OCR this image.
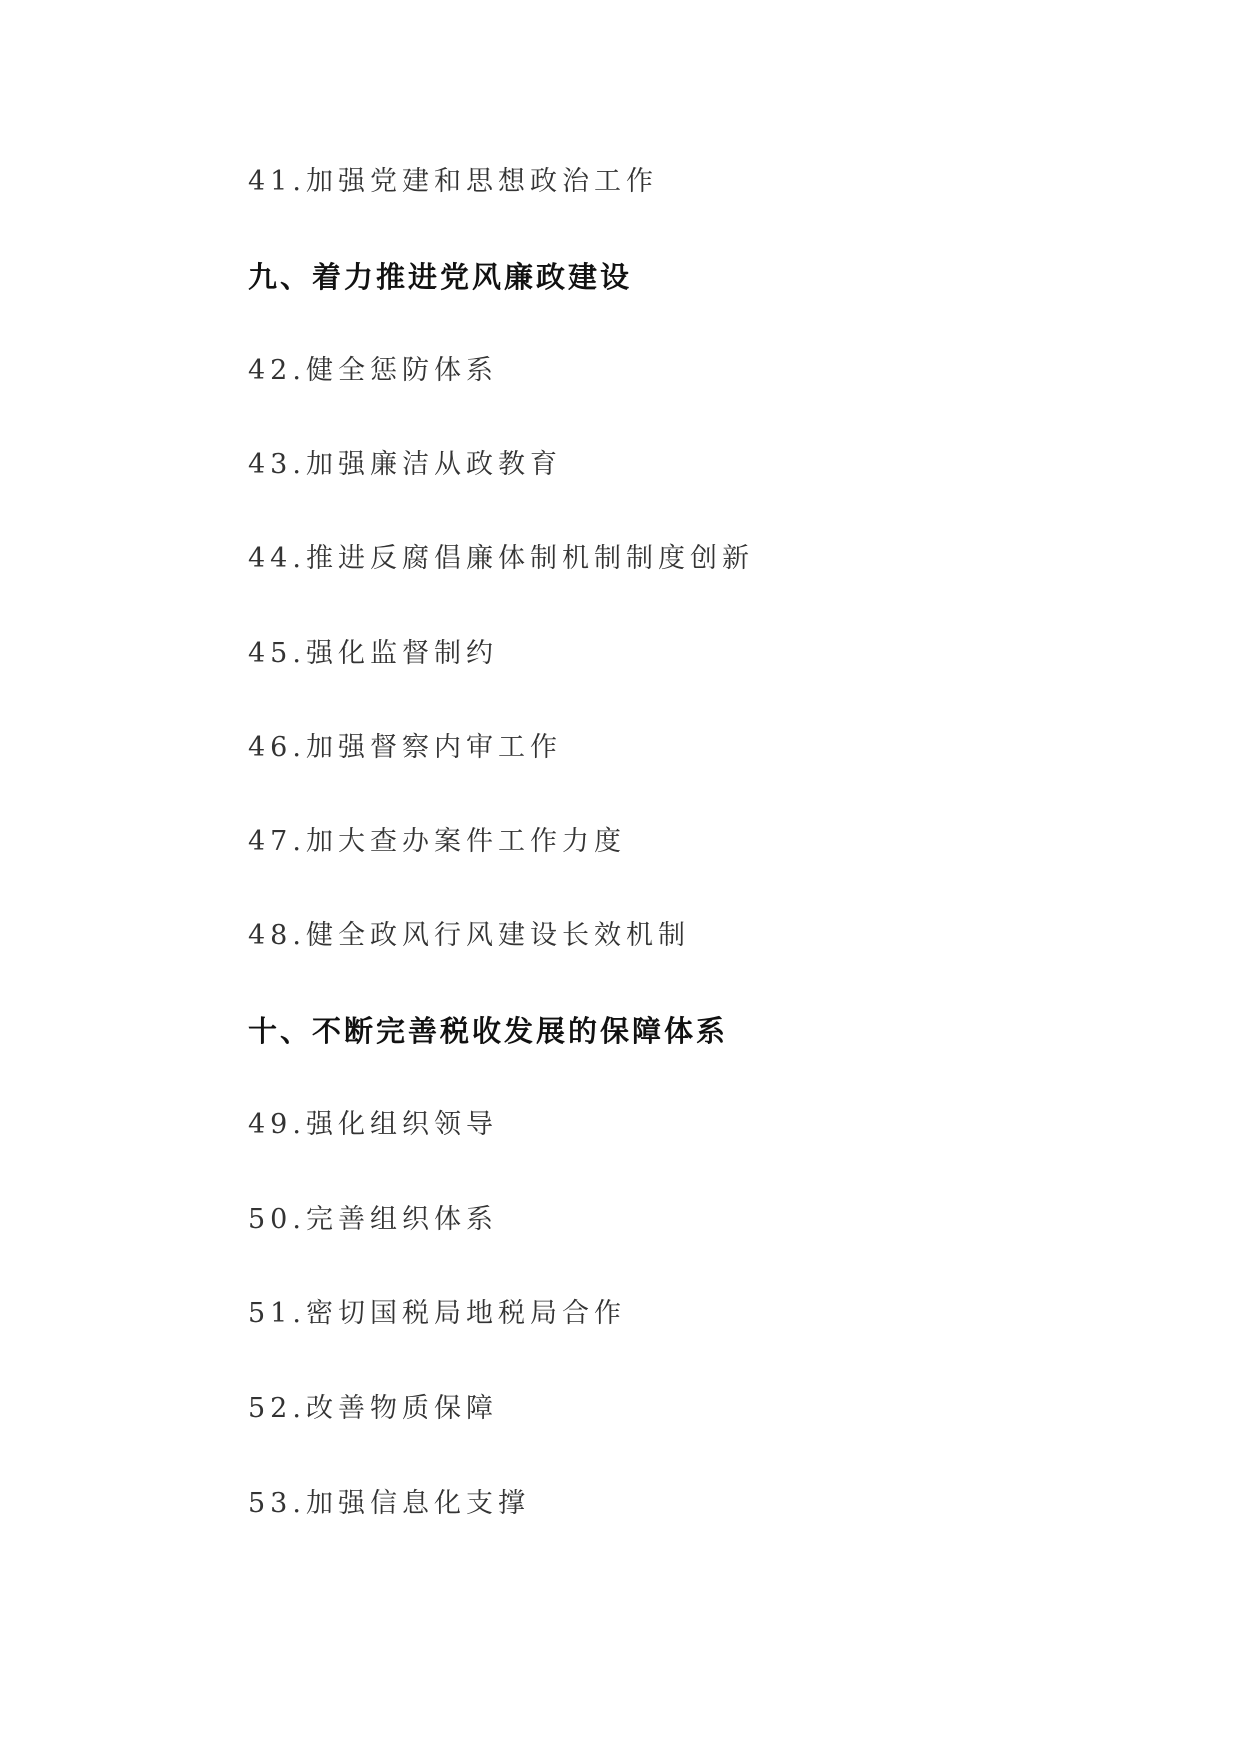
41.加强党建和思想政治工作
九、着力推进党风廉政建设
42.健全惩防体系
43.加强廉洁从政教育
44.推进反腐倡廉体制机制制度创新
45.强化监督制约
46.加强督察内审工作
47.加大查办案件工作力度
48.健全政风行风建设长效机制
十、不断完善税收发展的保障体系
49.强化组织领导
50.完善组织体系
51.密切国税局地税局合作
52.改善物质保障
53.加强信息化支撑
